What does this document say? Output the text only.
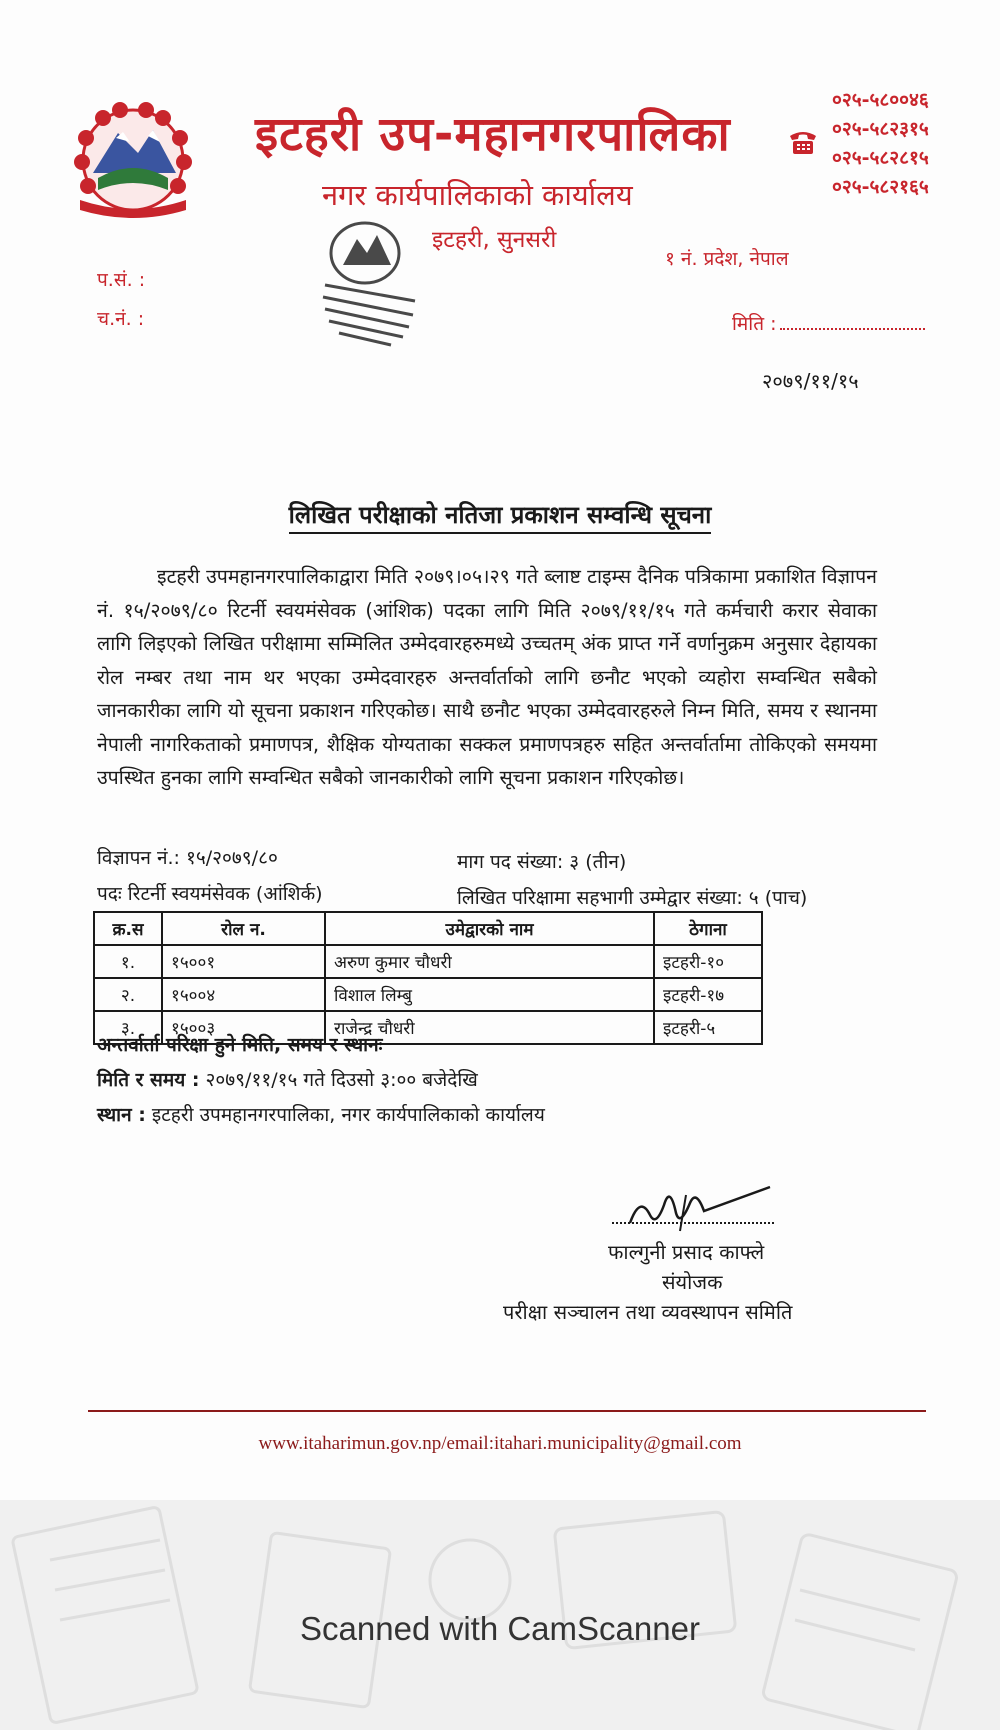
इटहरी उप-महानगरपालिका
नगर कार्यपालिकाको कार्यालय
इटहरी, सुनसरी
०२५-५८००४६
०२५-५८२३१५
०२५-५८२८१५
०२५-५८२१६५
१ नं. प्रदेश, नेपाल
प.सं. :
च.नं. :	मिति :
२०७९/११/१५
लिखित परीक्षाको नतिजा प्रकाशन सम्वन्धि सूचना
इटहरी उपमहानगरपालिकाद्वारा मिति २०७९।०५।२९ गते ब्लाष्ट टाइम्स दैनिक पत्रिकामा प्रकाशित विज्ञापन नं. १५/२०७९/८० रिटर्नी स्वयमंसेवक (आंशिक) पदका लागि मिति २०७९/११/१५ गते कर्मचारी करार सेवाका लागि लिइएको लिखित परीक्षामा सम्मिलित उम्मेदवारहरुमध्ये उच्चतम् अंक प्राप्त गर्ने वर्णानुक्रम अनुसार देहायका रोल नम्बर तथा नाम थर भएका उम्मेदवारहरु अन्तर्वार्ताको लागि छनौट भएको व्यहोरा सम्वन्धित सबैको जानकारीका लागि यो सूचना प्रकाशन गरिएकोछ। साथै छनौट भएका उम्मेदवारहरुले निम्न मिति, समय र स्थानमा नेपाली नागरिकताको प्रमाणपत्र, शैक्षिक योग्यताका सक्कल प्रमाणपत्रहरु सहित अन्तर्वार्तामा तोकिएको समयमा उपस्थित हुनका लागि सम्वन्धित सबैको जानकारीको लागि सूचना प्रकाशन गरिएकोछ।
विज्ञापन नं.: १५/२०७९/८०	माग पद संख्या: ३ (तीन)
पदः रिटर्नी स्वयमंसेवक (आंशिर्क)	लिखित परिक्षामा सहभागी उम्मेद्वार संख्या: ५ (पाच)
क्र.स	रोल न.	उमेद्वारको नाम	ठेगाना
१.	१५००१	अरुण कुमार चौधरी	इटहरी-१०
२.	१५००४	विशाल लिम्बु	इटहरी-१७
३.	१५००३	राजेन्द्र चौधरी	इटहरी-५
अन्तर्वार्ता परिक्षा हुने मिति, समय र स्थानः
मिति र समय : २०७९/११/१५ गते दिउसो ३:०० बजेदेखि
स्थान : इटहरी उपमहानगरपालिका, नगर कार्यपालिकाको कार्यालय
फाल्गुनी प्रसाद काफ्ले
संयोजक
परीक्षा सञ्चालन तथा व्यवस्थापन समिति
www.itaharimun.gov.np/email:itahari.municipality@gmail.com
Scanned with CamScanner
